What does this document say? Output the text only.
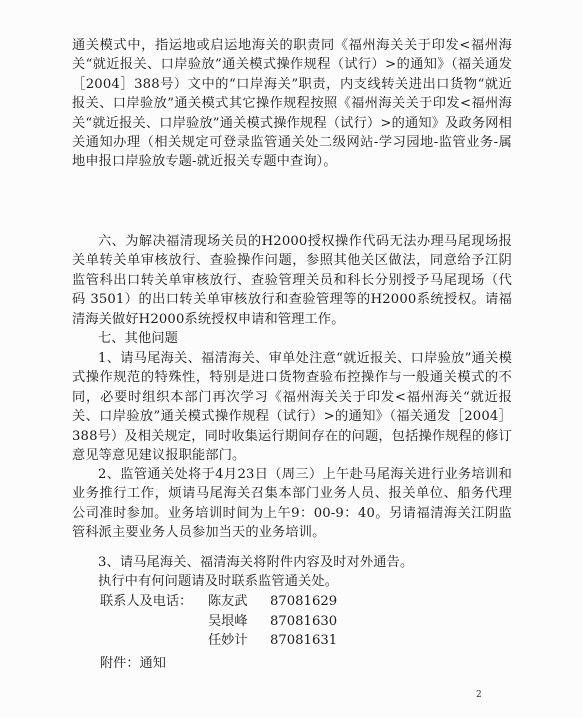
通关模式中，指运地或启运地海关的职责同《福州海关关于印发<福州海关“就近报关、口岸验放”通关模式操作规程（试行）>的通知》（福关通发［2004］388号）文中的“口岸海关”职责，内支线转关进出口货物“就近报关、口岸验放”通关模式其它操作规程按照《福州海关关于印发<福州海关“就近报关、口岸验放”通关模式操作规程（试行）>的通知》及政务网相关通知办理（相关规定可登录监管通关处二级网站-学习园地-监管业务-属地申报口岸验放专题-就近报关专题中查询）。

六、为解决福清现场关员的H2000授权操作代码无法办理马尾现场报关单转关单审核放行、查验操作问题，参照其他关区做法，同意给予江阴监管科出口转关单审核放行、查验管理关员和科长分别授予马尾现场（代码 3501）的出口转关单审核放行和查验管理等的H2000系统授权。请福清海关做好H2000系统授权申请和管理工作。

七、其他问题

1、请马尾海关、福清海关、审单处注意“就近报关、口岸验放”通关模式操作规范的特殊性，特别是进口货物查验布控操作与一般通关模式的不同，必要时组织本部门再次学习《福州海关关于印发<福州海关“就近报关、口岸验放”通关模式操作规程（试行）>的通知》（福关通发［2004］388号）及相关规定，同时收集运行期间存在的问题，包括操作规程的修订意见等意见建议报职能部门。

2、监管通关处将于4月23日（周三）上午赴马尾海关进行业务培训和业务推行工作，烦请马尾海关召集本部门业务人员、报关单位、船务代理公司准时参加。业务培训时间为上午9：00-9：40。另请福清海关江阴监管科派主要业务人员参加当天的业务培训。

3、请马尾海关、福清海关将附件内容及时对外通告。

执行中有何问题请及时联系监管通关处。

联系人及电话：	陈友武	87081629
吴垠峰	87081630
任妙计	87081631
附件：通知
2
